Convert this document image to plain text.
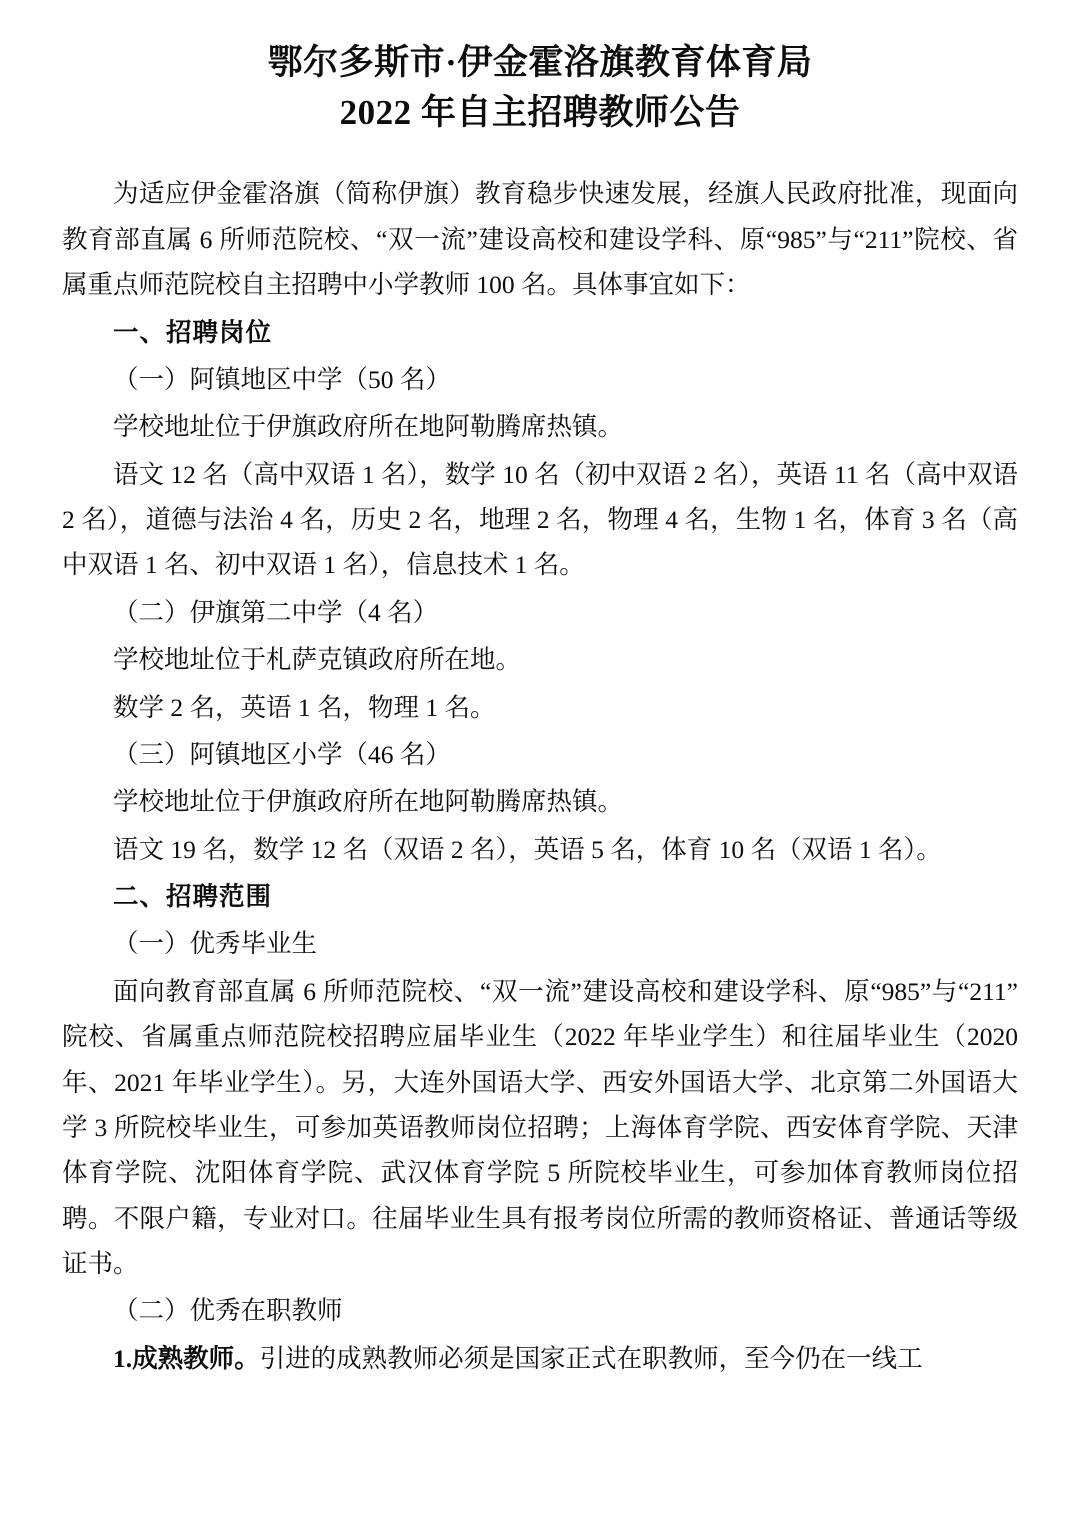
鄂尔多斯市·伊金霍洛旗教育体育局
2022 年自主招聘教师公告

为适应伊金霍洛旗（简称伊旗）教育稳步快速发展，经旗人民政府批准，现面向教育部直属 6 所师范院校、“双一流”建设高校和建设学科、原“985”与“211”院校、省属重点师范院校自主招聘中小学教师 100 名。具体事宜如下：

一、招聘岗位

（一）阿镇地区中学（50 名）

学校地址位于伊旗政府所在地阿勒腾席热镇。

语文 12 名（高中双语 1 名），数学 10 名（初中双语 2 名），英语 11 名（高中双语 2 名），道德与法治 4 名，历史 2 名，地理 2 名，物理 4 名，生物 1 名，体育 3 名（高中双语 1 名、初中双语 1 名），信息技术 1 名。

（二）伊旗第二中学（4 名）

学校地址位于札萨克镇政府所在地。

数学 2 名，英语 1 名，物理 1 名。

（三）阿镇地区小学（46 名）

学校地址位于伊旗政府所在地阿勒腾席热镇。

语文 19 名，数学 12 名（双语 2 名），英语 5 名，体育 10 名（双语 1 名）。

二、招聘范围

（一）优秀毕业生

面向教育部直属 6 所师范院校、“双一流”建设高校和建设学科、原“985”与“211”院校、省属重点师范院校招聘应届毕业生（2022 年毕业学生）和往届毕业生（2020 年、2021 年毕业学生）。另，大连外国语大学、西安外国语大学、北京第二外国语大学 3 所院校毕业生，可参加英语教师岗位招聘；上海体育学院、西安体育学院、天津体育学院、沈阳体育学院、武汉体育学院 5 所院校毕业生，可参加体育教师岗位招聘。不限户籍，专业对口。往届毕业生具有报考岗位所需的教师资格证、普通话等级证书。

（二）优秀在职教师

1.成熟教师。引进的成熟教师必须是国家正式在职教师，至今仍在一线工
